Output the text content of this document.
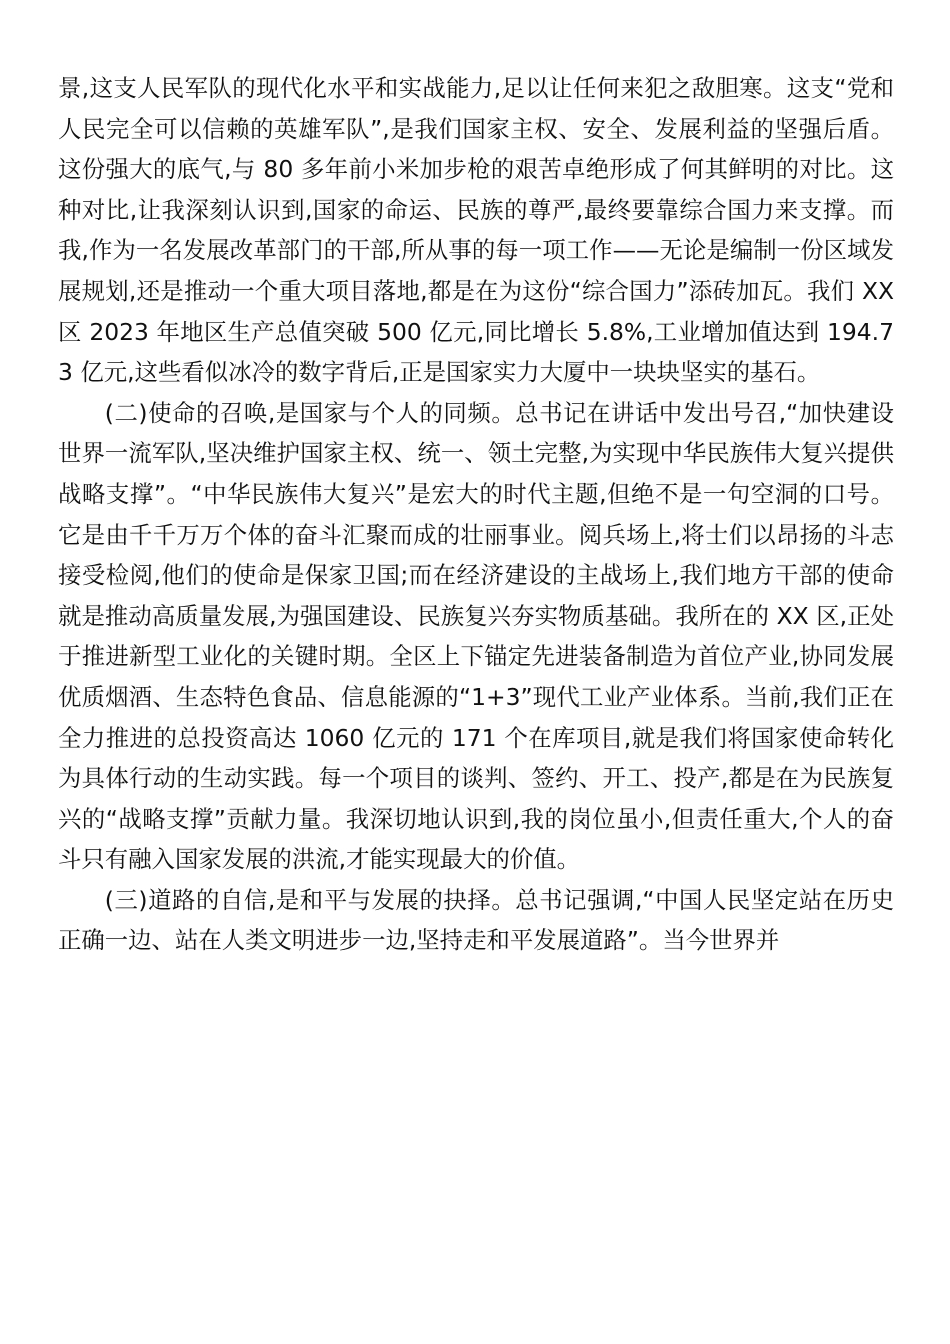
景,这支人民军队的现代化水平和实战能力,足以让任何来犯之敌胆寒。这支“党和人民完全可以信赖的英雄军队”,是我们国家主权、安全、发展利益的坚强后盾。这份强大的底气,与 80 多年前小米加步枪的艰苦卓绝形成了何其鲜明的对比。这种对比,让我深刻认识到,国家的命运、民族的尊严,最终要靠综合国力来支撑。而我,作为一名发展改革部门的干部,所从事的每一项工作——无论是编制一份区域发展规划,还是推动一个重大项目落地,都是在为这份“综合国力”添砖加瓦。我们 XX 区 2023 年地区生产总值突破 500 亿元,同比增长 5.8%,工业增加值达到 194.73 亿元,这些看似冰冷的数字背后,正是国家实力大厦中一块块坚实的基石。

(二)使命的召唤,是国家与个人的同频。总书记在讲话中发出号召,“加快建设世界一流军队,坚决维护国家主权、统一、领土完整,为实现中华民族伟大复兴提供战略支撑”。“中华民族伟大复兴”是宏大的时代主题,但绝不是一句空洞的口号。它是由千千万万个体的奋斗汇聚而成的壮丽事业。阅兵场上,将士们以昂扬的斗志接受检阅,他们的使命是保家卫国;而在经济建设的主战场上,我们地方干部的使命就是推动高质量发展,为强国建设、民族复兴夯实物质基础。我所在的 XX 区,正处于推进新型工业化的关键时期。全区上下锚定先进装备制造为首位产业,协同发展优质烟酒、生态特色食品、信息能源的“1+3”现代工业产业体系。当前,我们正在全力推进的总投资高达 1060 亿元的 171 个在库项目,就是我们将国家使命转化为具体行动的生动实践。每一个项目的谈判、签约、开工、投产,都是在为民族复兴的“战略支撑”贡献力量。我深切地认识到,我的岗位虽小,但责任重大,个人的奋斗只有融入国家发展的洪流,才能实现最大的价值。

(三)道路的自信,是和平与发展的抉择。总书记强调,“中国人民坚定站在历史正确一边、站在人类文明进步一边,坚持走和平发展道路”。当今世界并
